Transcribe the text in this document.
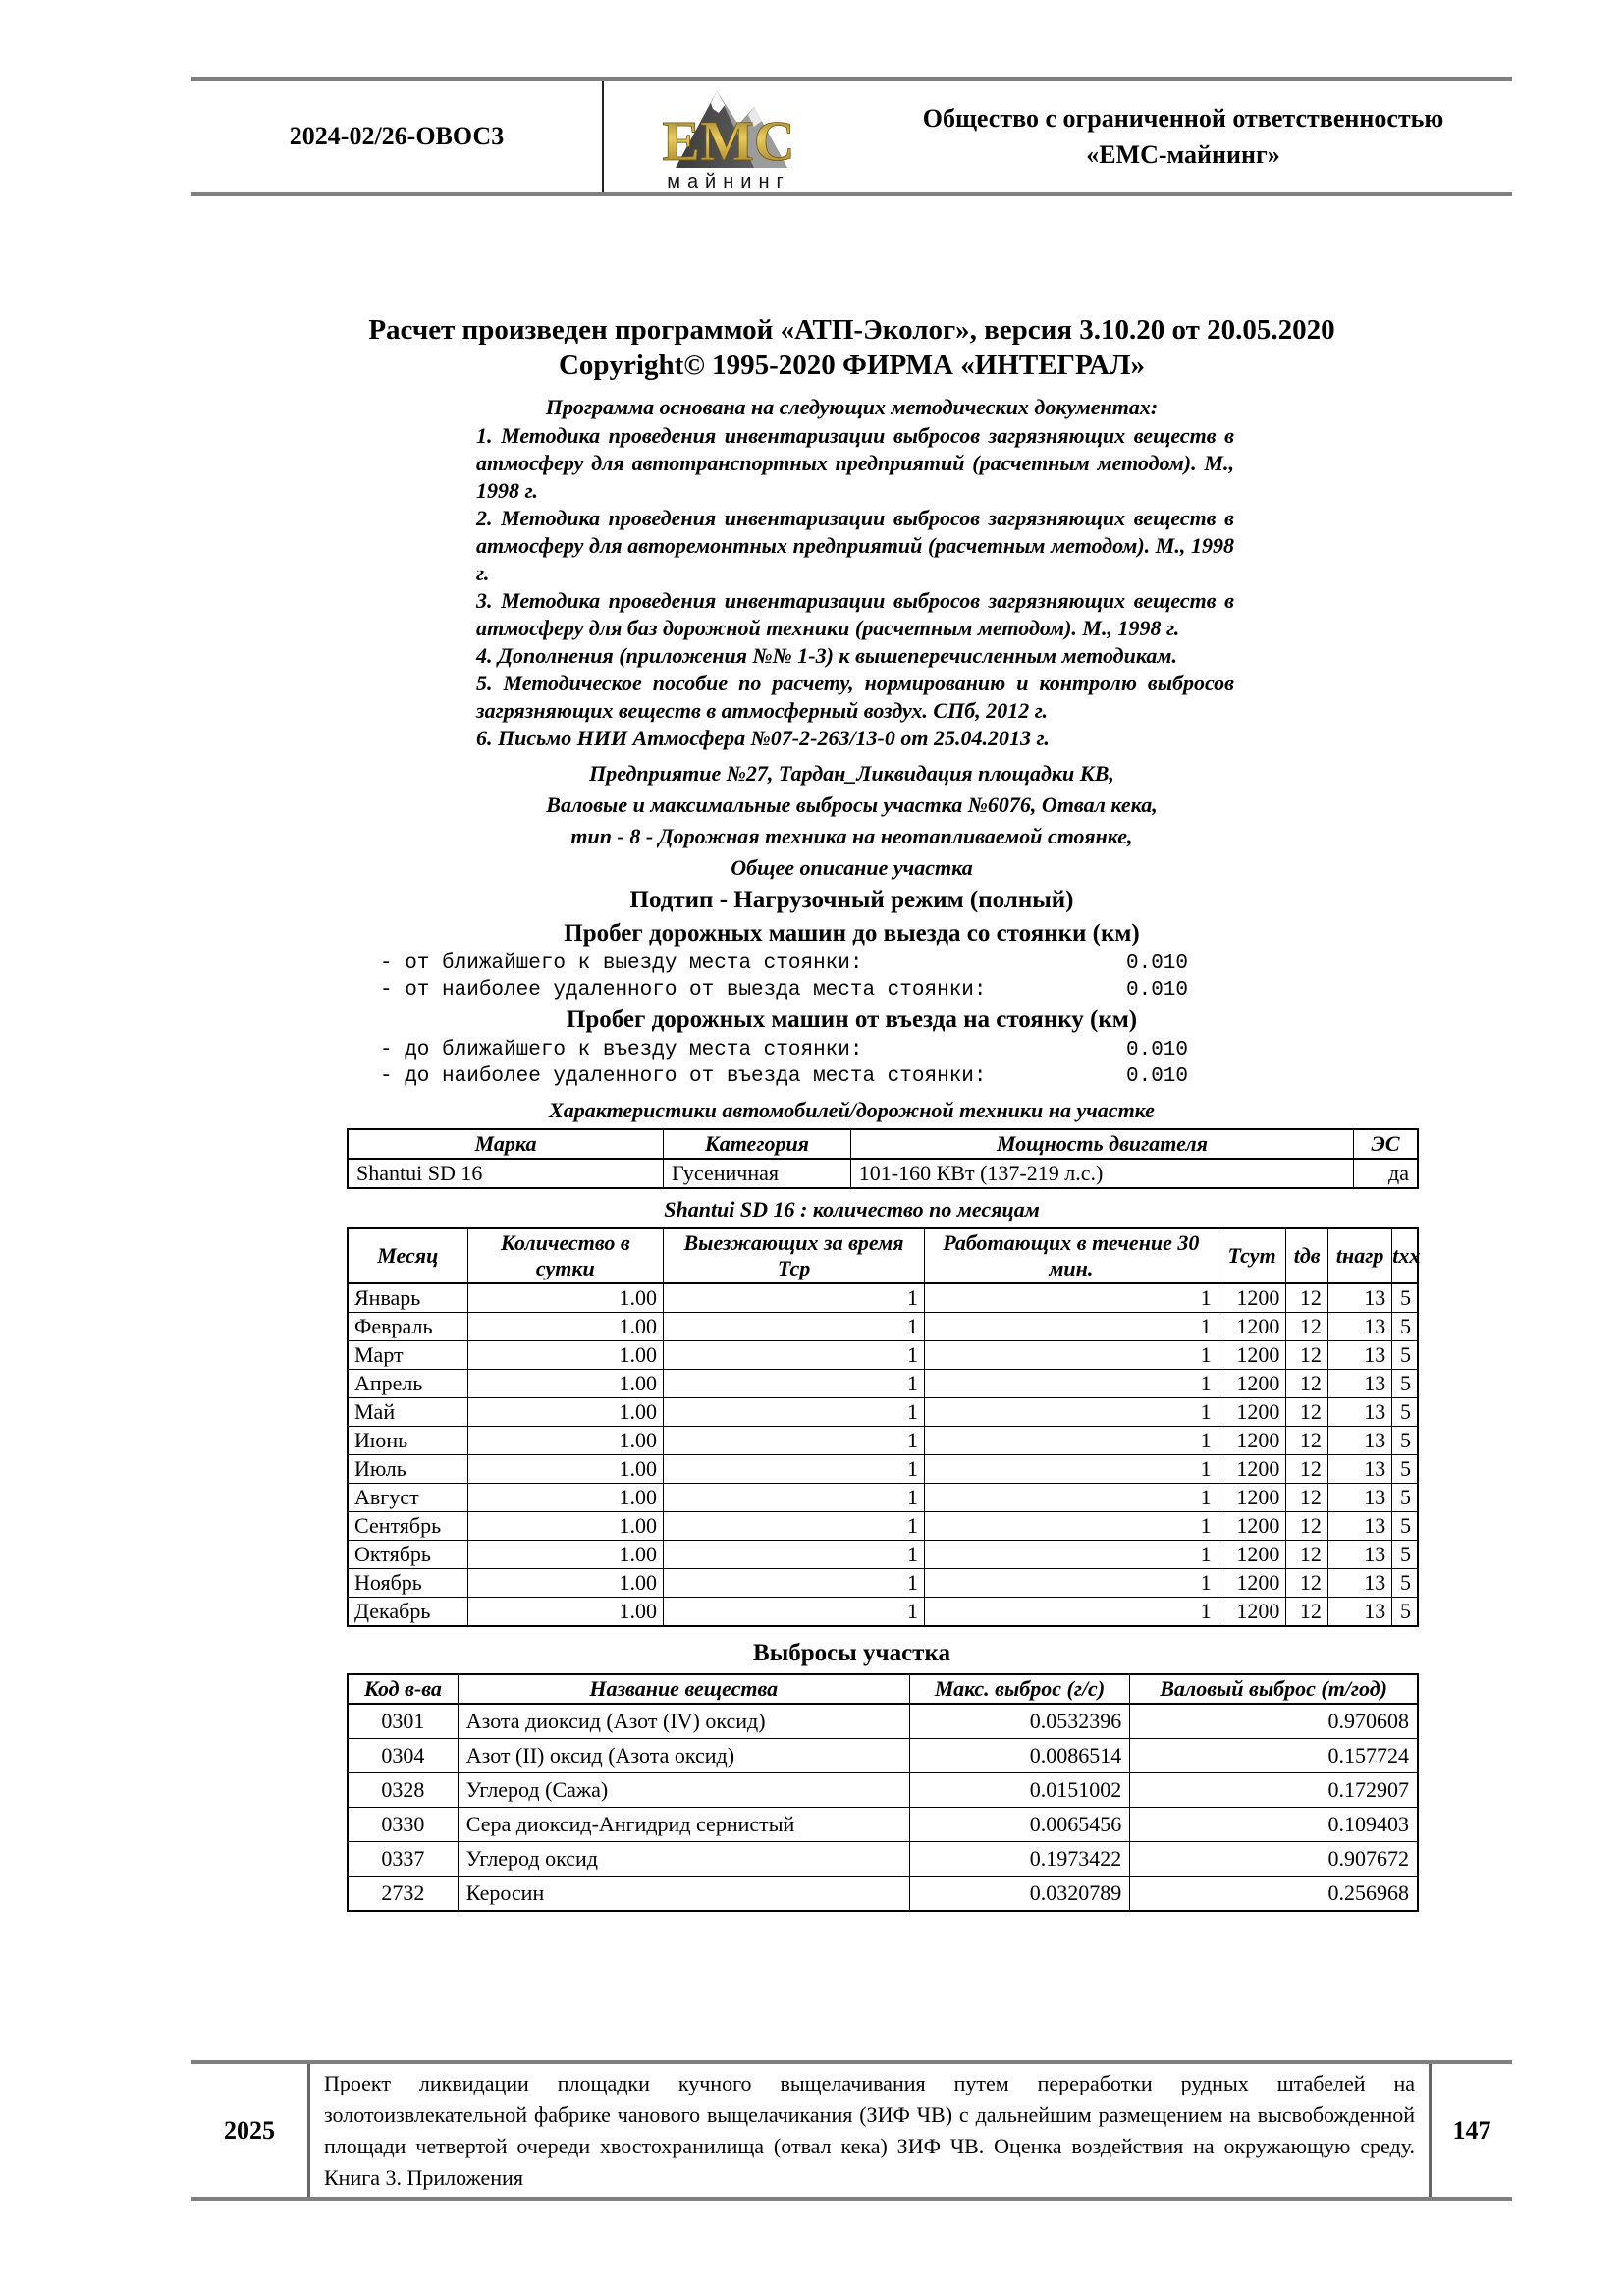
2024-02/26-ОВОС3	ЕМС
майнинг
Общество с ограниченной ответственностью
«ЕМС-майнинг»
Расчет произведен программой «АТП-Эколог», версия 3.10.20 от 20.05.2020
Copyright© 1995-2020 ФИРМА «ИНТЕГРАЛ»
Программа основана на следующих методических документах:
1. Методика проведения инвентаризации выбросов загрязняющих веществ в атмосферу для автотранспортных предприятий (расчетным методом). М., 1998 г.
2. Методика проведения инвентаризации выбросов загрязняющих веществ в атмосферу для авторемонтных предприятий (расчетным методом). М., 1998 г.
3. Методика проведения инвентаризации выбросов загрязняющих веществ в атмосферу для баз дорожной техники (расчетным методом). М., 1998 г.
4. Дополнения (приложения №№ 1-3) к вышеперечисленным методикам.
5. Методическое пособие по расчету, нормированию и контролю выбросов загрязняющих веществ в атмосферный воздух. СПб, 2012 г.
6. Письмо НИИ Атмосфера №07-2-263/13-0 от 25.04.2013 г.
Предприятие №27, Тардан_Ликвидация площадки КВ,
Валовые и максимальные выбросы участка №6076, Отвал кека,
тип - 8 - Дорожная техника на неотапливаемой стоянке,
Общее описание участка
Подтип - Нагрузочный режим (полный)
Пробег дорожных машин до выезда со стоянки (км)
- от ближайшего к выезду места стоянки:	0.010
- от наиболее удаленного от выезда места стоянки:	0.010
Пробег дорожных машин от въезда на стоянку (км)
- до ближайшего к въезду места стоянки:	0.010
- до наиболее удаленного от въезда места стоянки:	0.010
Характеристики автомобилей/дорожной техники на участке
Марка	Категория	Мощность двигателя	ЭС
Shantui SD 16	Гусеничная	101-160 КВт (137-219 л.с.)	да
Shantui SD 16 : количество по месяцам
Месяц	Количество в сутки	Выезжающих за время Тср	Работающих в течение 30 мин.	Тсут	tдв	tнагр	txx
Январь	1.00	1	1	1200	12	13	5
Февраль	1.00	1	1	1200	12	13	5
Март	1.00	1	1	1200	12	13	5
Апрель	1.00	1	1	1200	12	13	5
Май	1.00	1	1	1200	12	13	5
Июнь	1.00	1	1	1200	12	13	5
Июль	1.00	1	1	1200	12	13	5
Август	1.00	1	1	1200	12	13	5
Сентябрь	1.00	1	1	1200	12	13	5
Октябрь	1.00	1	1	1200	12	13	5
Ноябрь	1.00	1	1	1200	12	13	5
Декабрь	1.00	1	1	1200	12	13	5
Выбросы участка
Код в-ва	Название вещества	Макс. выброс (г/с)	Валовый выброс (т/год)
0301	Азота диоксид (Азот (IV) оксид)	0.0532396	0.970608
0304	Азот (II) оксид (Азота оксид)	0.0086514	0.157724
0328	Углерод (Сажа)	0.0151002	0.172907
0330	Сера диоксид-Ангидрид сернистый	0.0065456	0.109403
0337	Углерод оксид	0.1973422	0.907672
2732	Керосин	0.0320789	0.256968
2025
Проект ликвидации площадки кучного выщелачивания путем переработки рудных штабелей на золотоизвлекательной фабрике чанового выщелачикания (ЗИФ ЧВ) с дальнейшим размещением на высвобожденной площади четвертой очереди хвостохранилища (отвал кека) ЗИФ ЧВ. Оценка воздействия на окружающую среду. Книга 3. Приложения
147
